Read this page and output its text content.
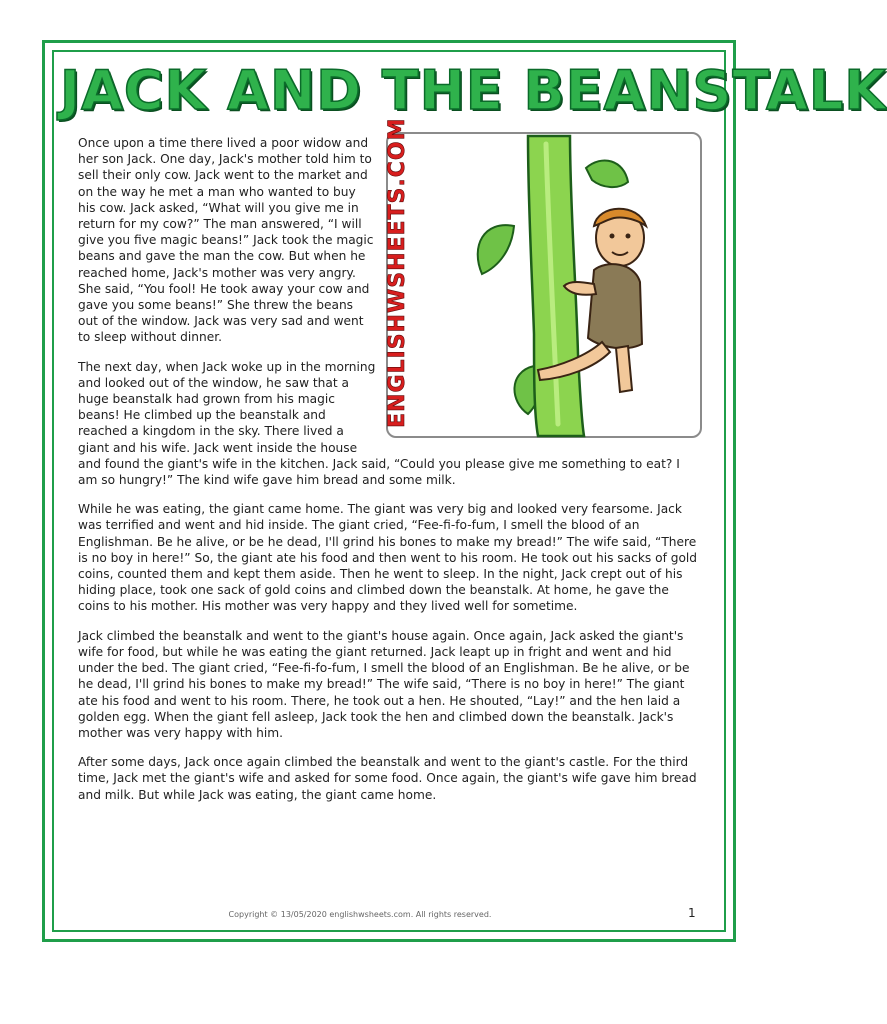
JACK AND THE BEANSTALK
ENGLISHWSHEETS.COM

Once upon a time there lived a poor widow and her son Jack. One day, Jack's mother told him to sell their only cow. Jack went to the market and on the way he met a man who wanted to buy his cow. Jack asked, “What will you give me in return for my cow?” The man answered, “I will give you five magic beans!” Jack took the magic beans and gave the man the cow. But when he reached home, Jack's mother was very angry. She said, “You fool! He took away your cow and gave you some beans!” She threw the beans out of the window. Jack was very sad and went to sleep without dinner.

The next day, when Jack woke up in the morning and looked out of the window, he saw that a huge beanstalk had grown from his magic beans! He climbed up the beanstalk and reached a kingdom in the sky. There lived a giant and his wife. Jack went inside the house and found the giant's wife in the kitchen. Jack said, “Could you please give me something to eat? I am so hungry!” The kind wife gave him bread and some milk.

While he was eating, the giant came home. The giant was very big and looked very fearsome. Jack was terrified and went and hid inside. The giant cried, “Fee-fi-fo-fum, I smell the blood of an Englishman. Be he alive, or be he dead, I'll grind his bones to make my bread!” The wife said, “There is no boy in here!” So, the giant ate his food and then went to his room. He took out his sacks of gold coins, counted them and kept them aside. Then he went to sleep. In the night, Jack crept out of his hiding place, took one sack of gold coins and climbed down the beanstalk. At home, he gave the coins to his mother. His mother was very happy and they lived well for sometime.

Jack climbed the beanstalk and went to the giant's house again. Once again, Jack asked the giant's wife for food, but while he was eating the giant returned. Jack leapt up in fright and went and hid under the bed. The giant cried, “Fee-fi-fo-fum, I smell the blood of an Englishman. Be he alive, or be he dead, I'll grind his bones to make my bread!” The wife said, “There is no boy in here!” The giant ate his food and went to his room. There, he took out a hen. He shouted, “Lay!” and the hen laid a golden egg. When the giant fell asleep, Jack took the hen and climbed down the beanstalk. Jack's mother was very happy with him.

After some days, Jack once again climbed the beanstalk and went to the giant's castle. For the third time, Jack met the giant's wife and asked for some food. Once again, the giant's wife gave him bread and milk. But while Jack was eating, the giant came home.

Copyright © 13/05/2020 englishwsheets.com. All rights reserved.	1
